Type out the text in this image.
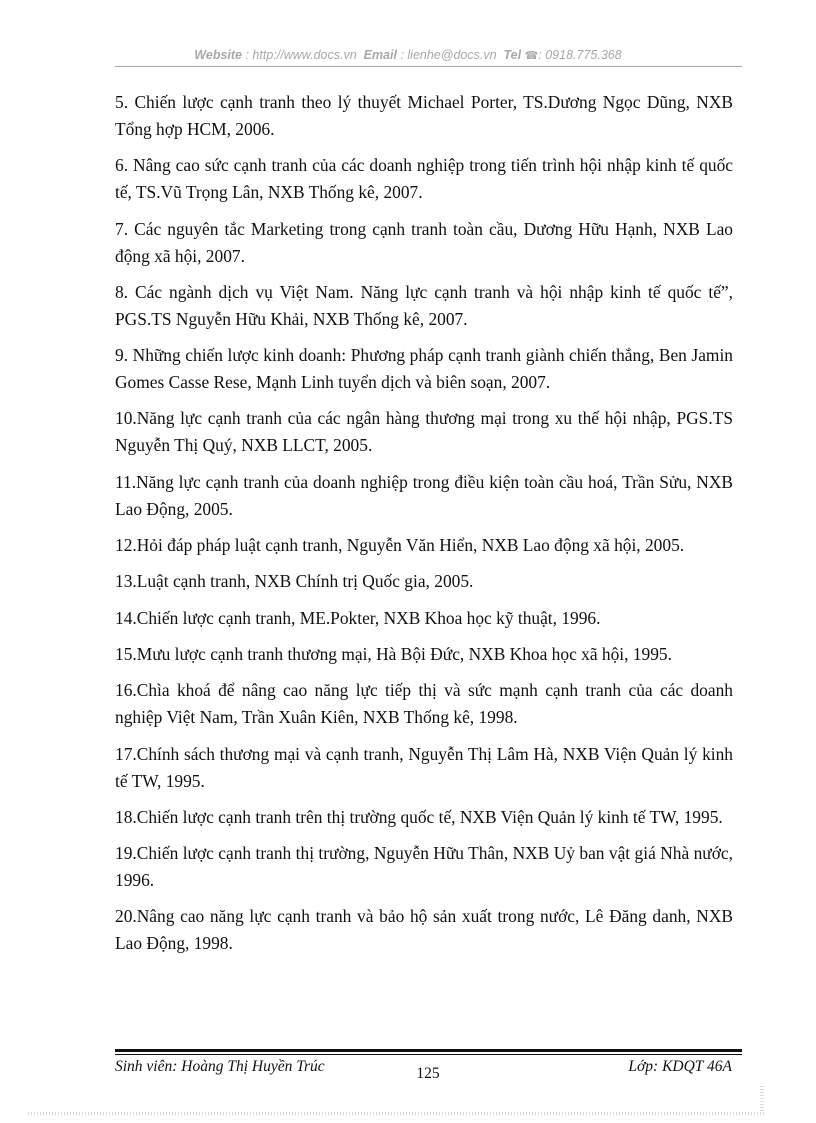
Website : http://www.docs.vn Email : lienhe@docs.vn Tel ☎: 0918.775.368
5. Chiến lược cạnh tranh theo lý thuyết Michael Porter, TS.Dương Ngọc Dũng, NXB Tổng hợp HCM, 2006.
6. Nâng cao sức cạnh tranh của các doanh nghiệp trong tiến trình hội nhập kinh tế quốc tế, TS.Vũ Trọng Lân, NXB Thống kê, 2007.
7. Các nguyên tắc Marketing trong cạnh tranh toàn cầu, Dương Hữu Hạnh, NXB Lao động xã hội, 2007.
8. Các ngành dịch vụ Việt Nam. Năng lực cạnh tranh và hội nhập kinh tế quốc tế”, PGS.TS Nguyễn Hữu Khải, NXB Thống kê, 2007.
9. Những chiến lược kinh doanh: Phương pháp cạnh tranh giành chiến thắng, Ben Jamin Gomes Casse Rese, Mạnh Linh tuyển dịch và biên soạn, 2007.
10.Năng lực cạnh tranh của các ngân hàng thương mại trong xu thế hội nhập, PGS.TS Nguyễn Thị Quý, NXB LLCT, 2005.
11.Năng lực cạnh tranh của doanh nghiệp trong điều kiện toàn cầu hoá, Trần Sửu, NXB Lao Động, 2005.
12.Hỏi đáp pháp luật cạnh tranh, Nguyễn Văn Hiển, NXB Lao động xã hội, 2005.
13.Luật cạnh tranh, NXB Chính trị Quốc gia, 2005.
14.Chiến lược cạnh tranh, ME.Pokter, NXB Khoa học kỹ thuật, 1996.
15.Mưu lược cạnh tranh thương mại, Hà Bội Đức, NXB Khoa học xã hội, 1995.
16.Chìa khoá để nâng cao năng lực tiếp thị và sức mạnh cạnh tranh của các doanh nghiệp Việt Nam, Trần Xuân Kiên, NXB Thống kê, 1998.
17.Chính sách thương mại và cạnh tranh, Nguyễn Thị Lâm Hà, NXB Viện Quản lý kinh tế TW, 1995.
18.Chiến lược cạnh tranh trên thị trường quốc tế, NXB Viện Quản lý kinh tế TW, 1995.
19.Chiến lược cạnh tranh thị trường, Nguyễn Hữu Thân, NXB Uỷ ban vật giá Nhà nước, 1996.
20.Nâng cao năng lực cạnh tranh và bảo hộ sản xuất trong nước, Lê Đăng danh, NXB Lao Động, 1998.
Sinh viên: Hoàng Thị Huyền Trúc	125	Lớp: KDQT 46A
